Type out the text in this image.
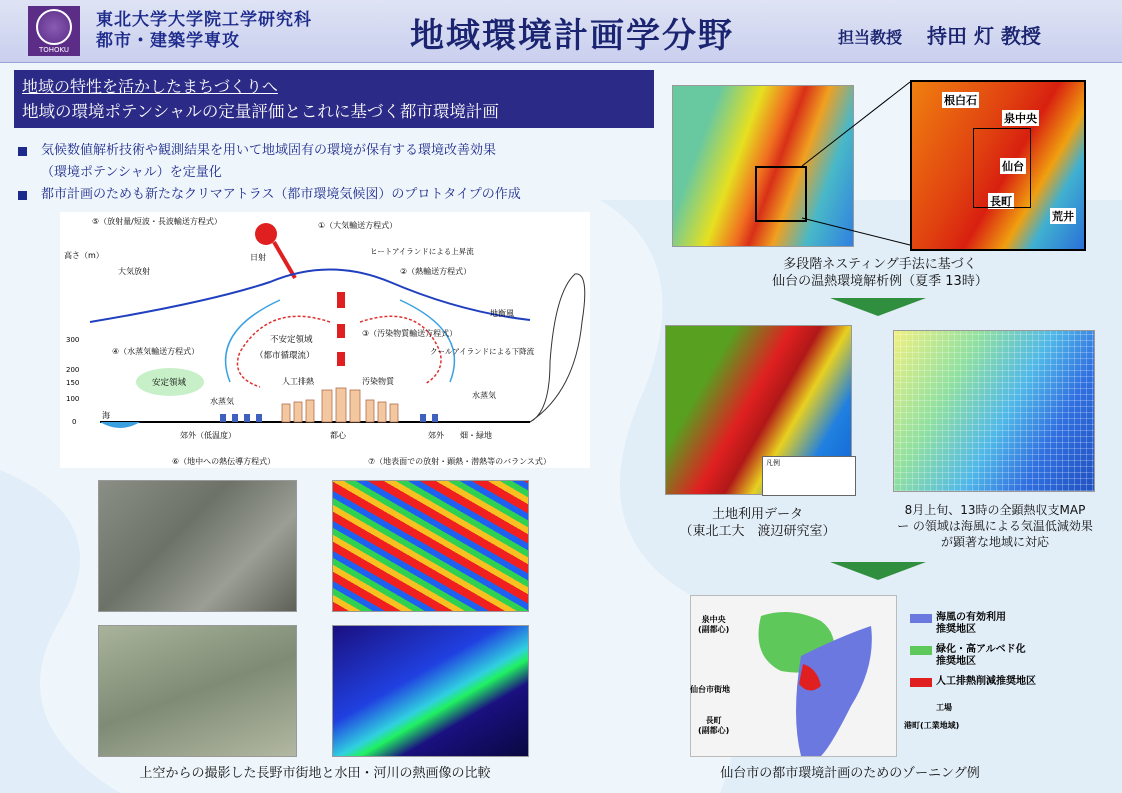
TOHOKU
東北大学大学院工学研究科
都市・建築学専攻	地域環境計画学分野	担当教授 持田 灯 教授
地域の特性を活かしたまちづくりへ
地域の環境ポテンシャルの定量評価とこれに基づく都市環境計画
気候数値解析技術や観測結果を用いて地域固有の環境が保有する環境改善効果
（環境ポテンシャル）を定量化
都市計画のためも新たなクリマアトラス（都市環境気候図）のプロトタイプの作成
⑤（放射量/短波・長波輸送方程式）	①（大気輸送方程式）
ヒートアイランドによる上昇流
②（熱輸送方程式）
日射
高さ（m）
大気放射
地衡風
不安定領域
（都市循環流）
③（汚染物質輸送方程式）
クールアイランドによる下降流
④（水蒸気輸送方程式）
安定領域
水蒸気
人工排熱	汚染物質
水蒸気
海
郊外（低温度）	都心	郊外 畑・緑地
⑥（地中への熱伝導方程式）	⑦（地表面での放射・顕熱・潜熱等のバランス式）
300
200
150
100
0
上空からの撮影した長野市街地と水田・河川の熱画像の比較
根白石
泉中央
仙台
長町
荒井
多段階ネスティング手法に基づく
仙台の温熱環境解析例（夏季 13時）
凡例
土地利用データ
（東北工大　渡辺研究室）
8月上旬、13時の全顕熱収支MAP
ー の領域は海風による気温低減効果
が顕著な地域に対応
海風の有効利用
推奨地区
緑化・高アルベド化
推奨地区
人工排熱削減推奨地区
泉中央
(副都心)
仙台市街地
長町
(副都心)
工場
港町(工業地域)
仙台市の都市環境計画のためのゾーニング例
